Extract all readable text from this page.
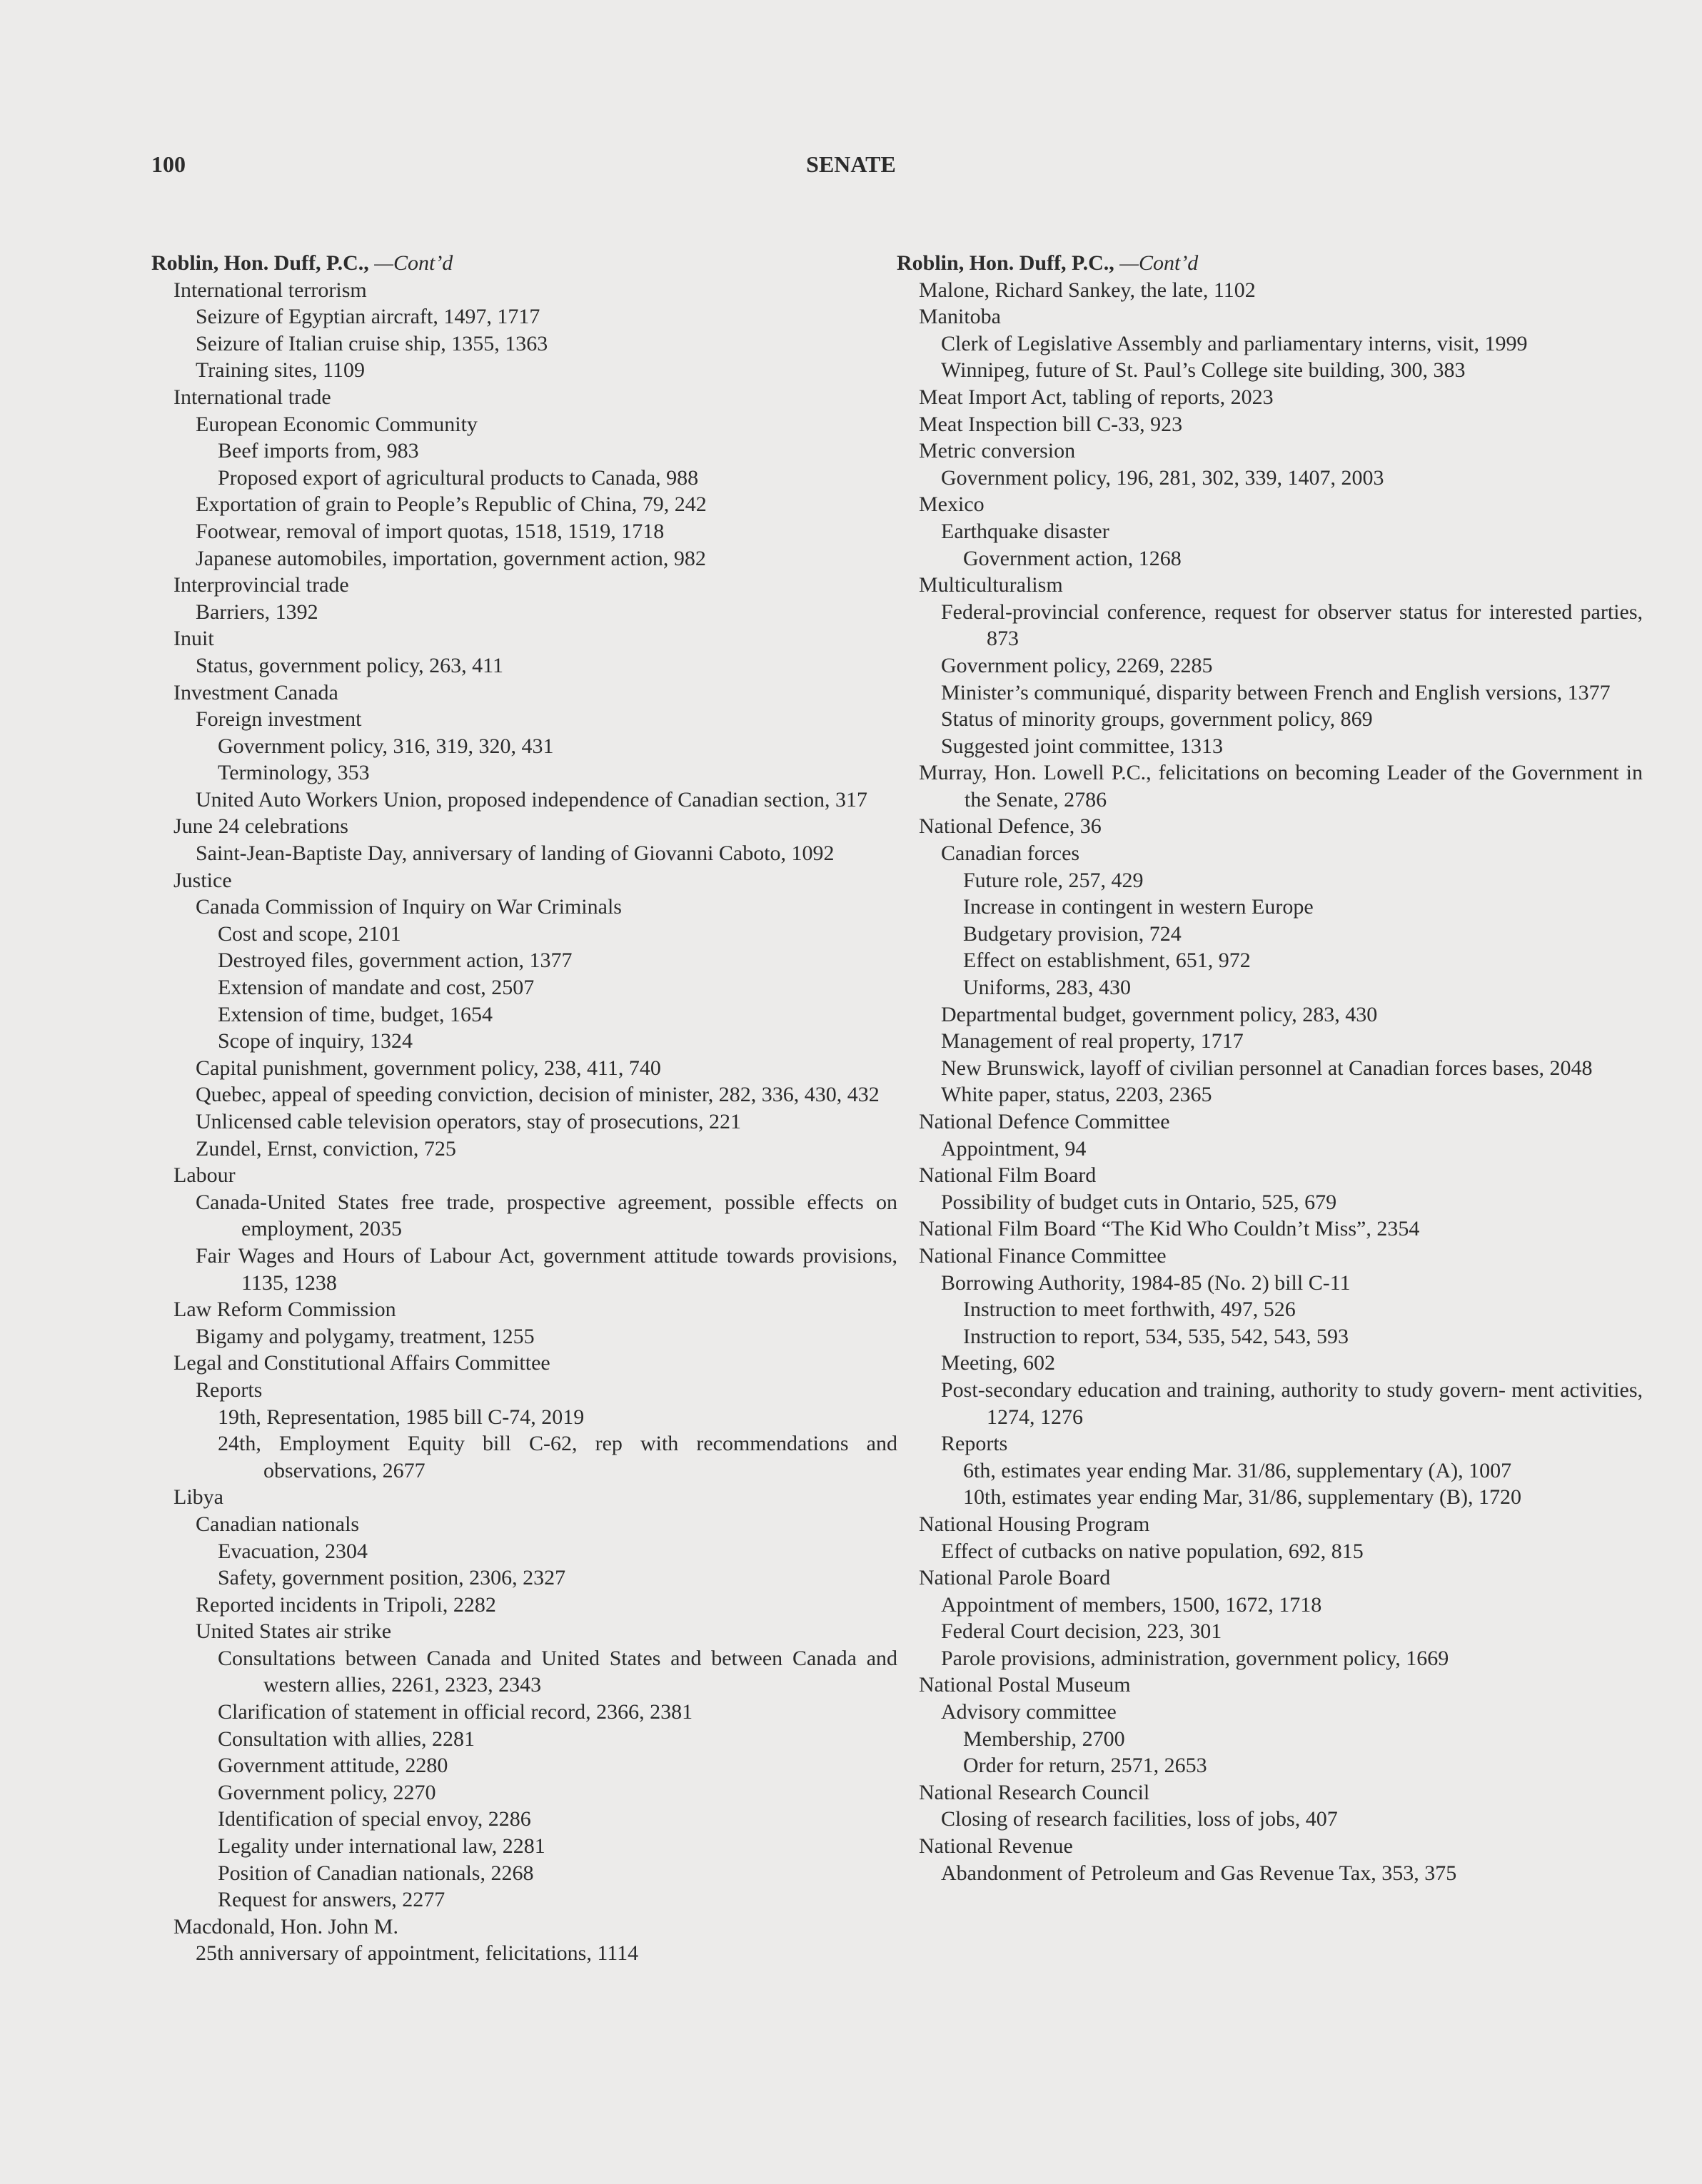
100	SENATE
Roblin, Hon. Duff, P.C., —Cont’d
International terrorism
Seizure of Egyptian aircraft, 1497, 1717
Seizure of Italian cruise ship, 1355, 1363
Training sites, 1109
International trade
European Economic Community
Beef imports from, 983
Proposed export of agricultural products to Canada, 988
Exportation of grain to People’s Republic of China, 79, 242
Footwear, removal of import quotas, 1518, 1519, 1718
Japanese automobiles, importation, government action, 982
Interprovincial trade
Barriers, 1392
Inuit
Status, government policy, 263, 411
Investment Canada
Foreign investment
Government policy, 316, 319, 320, 431
Terminology, 353
United Auto Workers Union, proposed independence of Canadian section, 317
June 24 celebrations
Saint-Jean-Baptiste Day, anniversary of landing of Giovanni Caboto, 1092
Justice
Canada Commission of Inquiry on War Criminals
Cost and scope, 2101
Destroyed files, government action, 1377
Extension of mandate and cost, 2507
Extension of time, budget, 1654
Scope of inquiry, 1324
Capital punishment, government policy, 238, 411, 740
Quebec, appeal of speeding conviction, decision of minister, 282, 336, 430, 432
Unlicensed cable television operators, stay of prosecutions, 221
Zundel, Ernst, conviction, 725
Labour
Canada-United States free trade, prospective agreement, possible effects on employment, 2035
Fair Wages and Hours of Labour Act, government attitude towards provisions, 1135, 1238
Law Reform Commission
Bigamy and polygamy, treatment, 1255
Legal and Constitutional Affairs Committee
Reports
19th, Representation, 1985 bill C-74, 2019
24th, Employment Equity bill C-62, rep with recommendations and observations, 2677
Libya
Canadian nationals
Evacuation, 2304
Safety, government position, 2306, 2327
Reported incidents in Tripoli, 2282
United States air strike
Consultations between Canada and United States and between Canada and western allies, 2261, 2323, 2343
Clarification of statement in official record, 2366, 2381
Consultation with allies, 2281
Government attitude, 2280
Government policy, 2270
Identification of special envoy, 2286
Legality under international law, 2281
Position of Canadian nationals, 2268
Request for answers, 2277
Macdonald, Hon. John M.
25th anniversary of appointment, felicitations, 1114
Roblin, Hon. Duff, P.C., —Cont’d
Malone, Richard Sankey, the late, 1102
Manitoba
Clerk of Legislative Assembly and parliamentary interns, visit, 1999
Winnipeg, future of St. Paul’s College site building, 300, 383
Meat Import Act, tabling of reports, 2023
Meat Inspection bill C-33, 923
Metric conversion
Government policy, 196, 281, 302, 339, 1407, 2003
Mexico
Earthquake disaster
Government action, 1268
Multiculturalism
Federal-provincial conference, request for observer status for interested parties, 873
Government policy, 2269, 2285
Minister’s communiqué, disparity between French and English versions, 1377
Status of minority groups, government policy, 869
Suggested joint committee, 1313
Murray, Hon. Lowell P.C., felicitations on becoming Leader of the Government in the Senate, 2786
National Defence, 36
Canadian forces
Future role, 257, 429
Increase in contingent in western Europe
Budgetary provision, 724
Effect on establishment, 651, 972
Uniforms, 283, 430
Departmental budget, government policy, 283, 430
Management of real property, 1717
New Brunswick, layoff of civilian personnel at Canadian forces bases, 2048
White paper, status, 2203, 2365
National Defence Committee
Appointment, 94
National Film Board
Possibility of budget cuts in Ontario, 525, 679
National Film Board “The Kid Who Couldn’t Miss”, 2354
National Finance Committee
Borrowing Authority, 1984-85 (No. 2) bill C-11
Instruction to meet forthwith, 497, 526
Instruction to report, 534, 535, 542, 543, 593
Meeting, 602
Post-secondary education and training, authority to study govern- ment activities, 1274, 1276
Reports
6th, estimates year ending Mar. 31/86, supplementary (A), 1007
10th, estimates year ending Mar, 31/86, supplementary (B), 1720
National Housing Program
Effect of cutbacks on native population, 692, 815
National Parole Board
Appointment of members, 1500, 1672, 1718
Federal Court decision, 223, 301
Parole provisions, administration, government policy, 1669
National Postal Museum
Advisory committee
Membership, 2700
Order for return, 2571, 2653
National Research Council
Closing of research facilities, loss of jobs, 407
National Revenue
Abandonment of Petroleum and Gas Revenue Tax, 353, 375
